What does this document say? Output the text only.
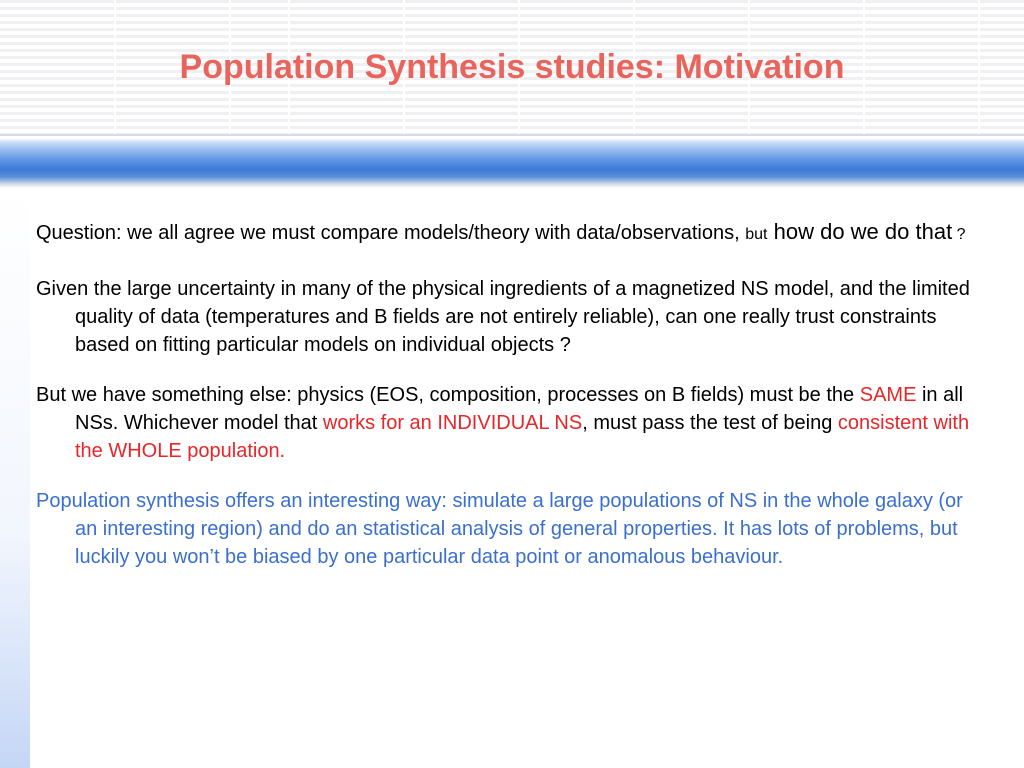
Population Synthesis studies: Motivation

Question: we all agree we must compare models/theory with data/observations, but how do we do that ?

Given the large uncertainty in many of the physical ingredients of a magnetized NS model, and the limited quality of data (temperatures and B fields are not entirely reliable), can one really trust constraints based on fitting particular models on individual objects ?

But we have something else: physics (EOS, composition, processes on B fields) must be the SAME in all NSs. Whichever model that works for an INDIVIDUAL NS, must pass the test of being consistent with the WHOLE population.

Population synthesis offers an interesting way: simulate a large populations of NS in the whole galaxy (or an interesting region) and do an statistical analysis of general properties. It has lots of problems, but luckily you won’t be biased by one particular data point or anomalous behaviour.
